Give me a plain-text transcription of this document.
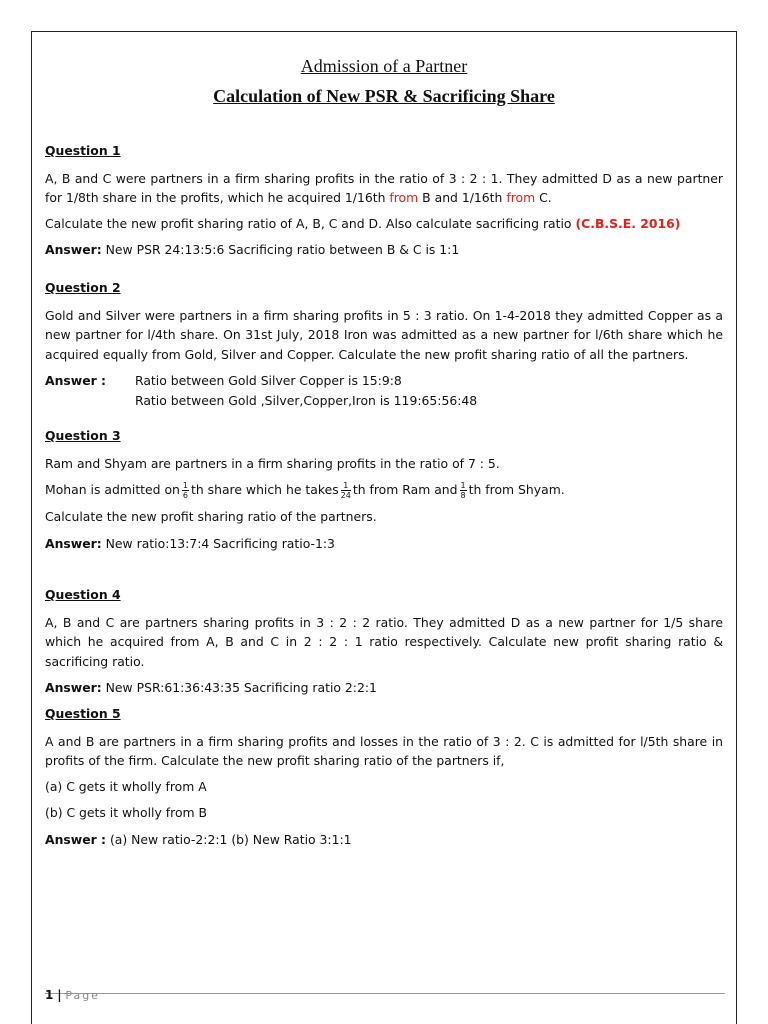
Admission of a Partner
Calculation of New PSR & Sacrificing Share

Question 1

A, B and C were partners in a firm sharing profits in the ratio of 3 : 2 : 1. They admitted D as a new partner for 1/8th share in the profits, which he acquired 1/16th from B and 1/16th from C.

Calculate the new profit sharing ratio of A, B, C and D. Also calculate sacrificing ratio (C.B.S.E. 2016)

Answer: New PSR 24:13:5:6 Sacrificing ratio between B & C is 1:1

Question 2

Gold and Silver were partners in a firm sharing profits in 5 : 3 ratio. On 1-4-2018 they admitted Copper as a new partner for l/4th share. On 31st July, 2018 Iron was admitted as a new partner for l/6th share which he acquired equally from Gold, Silver and Copper. Calculate the new profit sharing ratio of all the partners.

Answer :	Ratio between Gold Silver Copper is 15:9:8
Ratio between Gold ,Silver,Copper,Iron is 119:65:56:48

Question 3

Ram and Shyam are partners in a firm sharing profits in the ratio of 7 : 5.

Mohan is admitted on $\frac{1}{6}$ th share which he takes $\frac{1}{24}$ th from Ram and $\frac{1}{8}$ th from Shyam.

Calculate the new profit sharing ratio of the partners.

Answer: New ratio:13:7:4 Sacrificing ratio-1:3

Question 4

A, B and C are partners sharing profits in 3 : 2 : 2 ratio. They admitted D as a new partner for 1/5 share which he acquired from A, B and C in 2 : 2 : 1 ratio respectively. Calculate new profit sharing ratio & sacrificing ratio.

Answer: New PSR:61:36:43:35 Sacrificing ratio 2:2:1

Question 5

A and B are partners in a firm sharing profits and losses in the ratio of 3 : 2. C is admitted for l/5th share in profits of the firm. Calculate the new profit sharing ratio of the partners if,

(a) C gets it wholly from A

(b) C gets it wholly from B

Answer : (a) New ratio-2:2:1 (b) New Ratio 3:1:1

1 | Page
